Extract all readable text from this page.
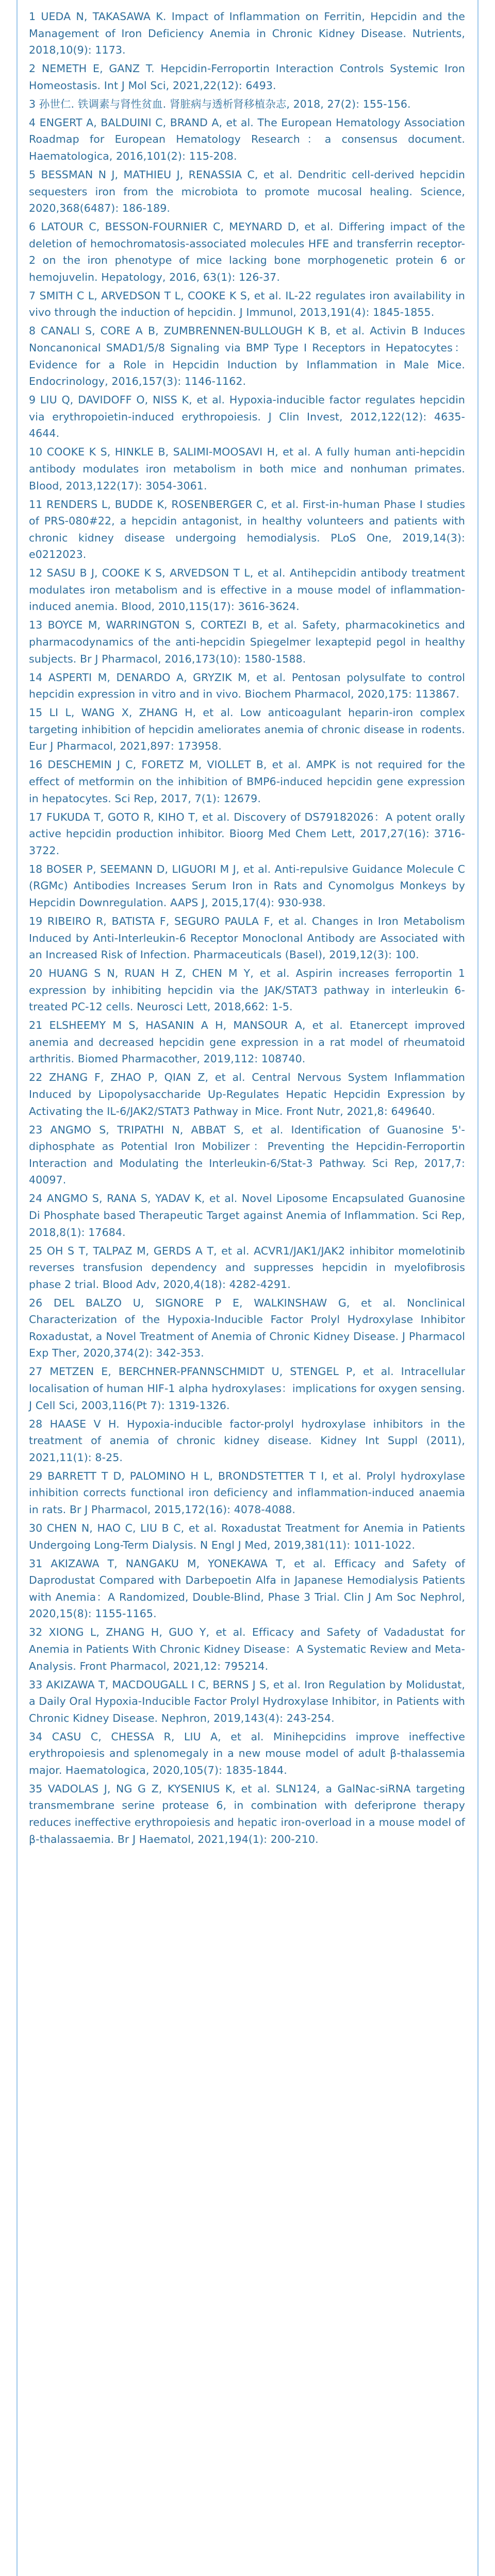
1 UEDA N, TAKASAWA K. Impact of Inflammation on Ferritin, Hepcidin and the Management of Iron Deficiency Anemia in Chronic Kidney Disease. Nutrients, 2018,10(9): 1173.
2 NEMETH E, GANZ T. Hepcidin-Ferroportin Interaction Controls Systemic Iron Homeostasis. Int J Mol Sci, 2021,22(12): 6493.
3 孙世仁. 铁调素与肾性贫血. 肾脏病与透析肾移植杂志, 2018, 27(2): 155-156.
4 ENGERT A, BALDUINI C, BRAND A, et al. The European Hematology Association Roadmap for European Hematology Research：a consensus document. Haematologica, 2016,101(2): 115-208.
5 BESSMAN N J, MATHIEU J, RENASSIA C, et al. Dendritic cell-derived hepcidin sequesters iron from the microbiota to promote mucosal healing. Science, 2020,368(6487): 186-189.
6 LATOUR C, BESSON-FOURNIER C, MEYNARD D, et al. Differing impact of the deletion of hemochromatosis-associated molecules HFE and transferrin receptor-2 on the iron phenotype of mice lacking bone morphogenetic protein 6 or hemojuvelin. Hepatology, 2016, 63(1): 126-37.
7 SMITH C L, ARVEDSON T L, COOKE K S, et al. IL-22 regulates iron availability in vivo through the induction of hepcidin. J Immunol, 2013,191(4): 1845-1855.
8 CANALI S, CORE A B, ZUMBRENNEN-BULLOUGH K B, et al. Activin B Induces Noncanonical SMAD1/5/8 Signaling via BMP Type I Receptors in Hepatocytes：Evidence for a Role in Hepcidin Induction by Inflammation in Male Mice. Endocrinology, 2016,157(3): 1146-1162.
9 LIU Q, DAVIDOFF O, NISS K, et al. Hypoxia-inducible factor regulates hepcidin via erythropoietin-induced erythropoiesis. J Clin Invest, 2012,122(12): 4635-4644.
10 COOKE K S, HINKLE B, SALIMI-MOOSAVI H, et al. A fully human anti-hepcidin antibody modulates iron metabolism in both mice and nonhuman primates. Blood, 2013,122(17): 3054-3061.
11 RENDERS L, BUDDE K, ROSENBERGER C, et al. First-in-human Phase I studies of PRS-080#22, a hepcidin antagonist, in healthy volunteers and patients with chronic kidney disease undergoing hemodialysis. PLoS One, 2019,14(3): e0212023.
12 SASU B J, COOKE K S, ARVEDSON T L, et al. Antihepcidin antibody treatment modulates iron metabolism and is effective in a mouse model of inflammation-induced anemia. Blood, 2010,115(17): 3616-3624.
13 BOYCE M, WARRINGTON S, CORTEZI B, et al. Safety, pharmacokinetics and pharmacodynamics of the anti-hepcidin Spiegelmer lexaptepid pegol in healthy subjects. Br J Pharmacol, 2016,173(10): 1580-1588.
14 ASPERTI M, DENARDO A, GRYZIK M, et al. Pentosan polysulfate to control hepcidin expression in vitro and in vivo. Biochem Pharmacol, 2020,175: 113867.
15 LI L, WANG X, ZHANG H, et al. Low anticoagulant heparin-iron complex targeting inhibition of hepcidin ameliorates anemia of chronic disease in rodents. Eur J Pharmacol, 2021,897: 173958.
16 DESCHEMIN J C, FORETZ M, VIOLLET B, et al. AMPK is not required for the effect of metformin on the inhibition of BMP6-induced hepcidin gene expression in hepatocytes. Sci Rep, 2017, 7(1): 12679.
17 FUKUDA T, GOTO R, KIHO T, et al. Discovery of DS79182026：A potent orally active hepcidin production inhibitor. Bioorg Med Chem Lett, 2017,27(16): 3716-3722.
18 BOSER P, SEEMANN D, LIGUORI M J, et al. Anti-repulsive Guidance Molecule C (RGMc) Antibodies Increases Serum Iron in Rats and Cynomolgus Monkeys by Hepcidin Downregulation. AAPS J, 2015,17(4): 930-938.
19 RIBEIRO R, BATISTA F, SEGURO PAULA F, et al. Changes in Iron Metabolism Induced by Anti-Interleukin-6 Receptor Monoclonal Antibody are Associated with an Increased Risk of Infection. Pharmaceuticals (Basel), 2019,12(3): 100.
20 HUANG S N, RUAN H Z, CHEN M Y, et al. Aspirin increases ferroportin 1 expression by inhibiting hepcidin via the JAK/STAT3 pathway in interleukin 6-treated PC-12 cells. Neurosci Lett, 2018,662: 1-5.
21 ELSHEEMY M S, HASANIN A H, MANSOUR A, et al. Etanercept improved anemia and decreased hepcidin gene expression in a rat model of rheumatoid arthritis. Biomed Pharmacother, 2019,112: 108740.
22 ZHANG F, ZHAO P, QIAN Z, et al. Central Nervous System Inflammation Induced by Lipopolysaccharide Up-Regulates Hepatic Hepcidin Expression by Activating the IL-6/JAK2/STAT3 Pathway in Mice. Front Nutr, 2021,8: 649640.
23 ANGMO S, TRIPATHI N, ABBAT S, et al. Identification of Guanosine 5'-diphosphate as Potential Iron Mobilizer：Preventing the Hepcidin-Ferroportin Interaction and Modulating the Interleukin-6/Stat-3 Pathway. Sci Rep, 2017,7: 40097.
24 ANGMO S, RANA S, YADAV K, et al. Novel Liposome Encapsulated Guanosine Di Phosphate based Therapeutic Target against Anemia of Inflammation. Sci Rep, 2018,8(1): 17684.
25 OH S T, TALPAZ M, GERDS A T, et al. ACVR1/JAK1/JAK2 inhibitor momelotinib reverses transfusion dependency and suppresses hepcidin in myelofibrosis phase 2 trial. Blood Adv, 2020,4(18): 4282-4291.
26 DEL BALZO U, SIGNORE P E, WALKINSHAW G, et al. Nonclinical Characterization of the Hypoxia-Inducible Factor Prolyl Hydroxylase Inhibitor Roxadustat, a Novel Treatment of Anemia of Chronic Kidney Disease. J Pharmacol Exp Ther, 2020,374(2): 342-353.
27 METZEN E, BERCHNER-PFANNSCHMIDT U, STENGEL P, et al. Intracellular localisation of human HIF-1 alpha hydroxylases：implications for oxygen sensing. J Cell Sci, 2003,116(Pt 7): 1319-1326.
28 HAASE V H. Hypoxia-inducible factor-prolyl hydroxylase inhibitors in the treatment of anemia of chronic kidney disease. Kidney Int Suppl (2011), 2021,11(1): 8-25.
29 BARRETT T D, PALOMINO H L, BRONDSTETTER T I, et al. Prolyl hydroxylase inhibition corrects functional iron deficiency and inflammation-induced anaemia in rats. Br J Pharmacol, 2015,172(16): 4078-4088.
30 CHEN N, HAO C, LIU B C, et al. Roxadustat Treatment for Anemia in Patients Undergoing Long-Term Dialysis. N Engl J Med, 2019,381(11): 1011-1022.
31 AKIZAWA T, NANGAKU M, YONEKAWA T, et al. Efficacy and Safety of Daprodustat Compared with Darbepoetin Alfa in Japanese Hemodialysis Patients with Anemia：A Randomized, Double-Blind, Phase 3 Trial. Clin J Am Soc Nephrol, 2020,15(8): 1155-1165.
32 XIONG L, ZHANG H, GUO Y, et al. Efficacy and Safety of Vadadustat for Anemia in Patients With Chronic Kidney Disease：A Systematic Review and Meta-Analysis. Front Pharmacol, 2021,12: 795214.
33 AKIZAWA T, MACDOUGALL I C, BERNS J S, et al. Iron Regulation by Molidustat, a Daily Oral Hypoxia-Inducible Factor Prolyl Hydroxylase Inhibitor, in Patients with Chronic Kidney Disease. Nephron, 2019,143(4): 243-254.
34 CASU C, CHESSA R, LIU A, et al. Minihepcidins improve ineffective erythropoiesis and splenomegaly in a new mouse model of adult β-thalassemia major. Haematologica, 2020,105(7): 1835-1844.
35 VADOLAS J, NG G Z, KYSENIUS K, et al. SLN124, a GalNac-siRNA targeting transmembrane serine protease 6, in combination with deferiprone therapy reduces ineffective erythropoiesis and hepatic iron-overload in a mouse model of β-thalassaemia. Br J Haematol, 2021,194(1): 200-210.
